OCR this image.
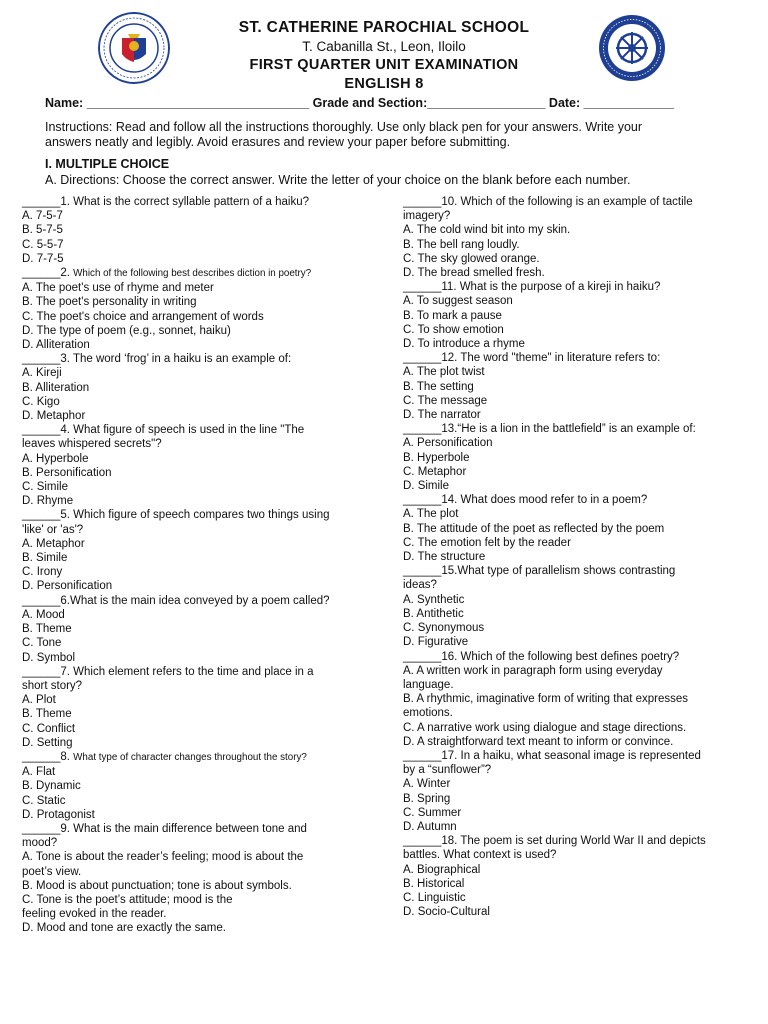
ST. CATHERINE PAROCHIAL SCHOOL
T. Cabanilla St., Leon, Iloilo
FIRST QUARTER UNIT EXAMINATION
ENGLISH 8
Name: ________________________________ Grade and Section:_________________ Date: _____________
Instructions: Read and follow all the instructions thoroughly. Use only black pen for your answers. Write your
answers neatly and legibly. Avoid erasures and review your paper before submitting.
I. MULTIPLE CHOICE
A. Directions: Choose the correct answer. Write the letter of your choice on the blank before each number.
______1. What is the correct syllable pattern of a haiku?
A. 7-5-7
B. 5-7-5
C. 5-5-7
D. 7-7-5
______2. Which of the following best describes diction in poetry?
A. The poet's use of rhyme and meter
B. The poet's personality in writing
C. The poet's choice and arrangement of words
D. The type of poem (e.g., sonnet, haiku)
D. Alliteration
______3. The word ‘frog’ in a haiku is an example of:
A. Kireji
B. Alliteration
C. Kigo
D. Metaphor
______4. What figure of speech is used in the line "The
leaves whispered secrets"?
A. Hyperbole
B. Personification
C. Simile
D. Rhyme
______5. Which figure of speech compares two things using
'like' or 'as'?
A. Metaphor
B. Simile
C. Irony
D. Personification
______6.What is the main idea conveyed by a poem called?
A. Mood
B. Theme
C. Tone
D. Symbol
______7. Which element refers to the time and place in a
short story?
A. Plot
B. Theme
C. Conflict
D. Setting
______8. What type of character changes throughout the story?
A. Flat
B. Dynamic
C. Static
D. Protagonist
______9. What is the main difference between tone and
mood?
A. Tone is about the reader’s feeling; mood is about the
poet’s view.
B. Mood is about punctuation; tone is about symbols.
C. Tone is the poet’s attitude; mood is the
feeling evoked in the reader.
D. Mood and tone are exactly the same.
______10. Which of the following is an example of tactile
imagery?
A. The cold wind bit into my skin.
B. The bell rang loudly.
C. The sky glowed orange.
D. The bread smelled fresh.
______11. What is the purpose of a kireji in haiku?
A. To suggest season
B. To mark a pause
C. To show emotion
D. To introduce a rhyme
______12. The word "theme" in literature refers to:
A. The plot twist
B. The setting
C. The message
D. The narrator
______13.“He is a lion in the battlefield” is an example of:
A. Personification
B. Hyperbole
C. Metaphor
D. Simile
______14. What does mood refer to in a poem?
A. The plot
B. The attitude of the poet as reflected by the poem
C. The emotion felt by the reader
D. The structure
______15.What type of parallelism shows contrasting
ideas?
A. Synthetic
B. Antithetic
C. Synonymous
D. Figurative
______16. Which of the following best defines poetry?
A. A written work in paragraph form using everyday
language.
B. A rhythmic, imaginative form of writing that expresses
emotions.
C. A narrative work using dialogue and stage directions.
D. A straightforward text meant to inform or convince.
______17. In a haiku, what seasonal image is represented
by a “sunflower”?
A. Winter
B. Spring
C. Summer
D. Autumn
______18. The poem is set during World War II and depicts
battles. What context is used?
A. Biographical
B. Historical
C. Linguistic
D. Socio-Cultural
